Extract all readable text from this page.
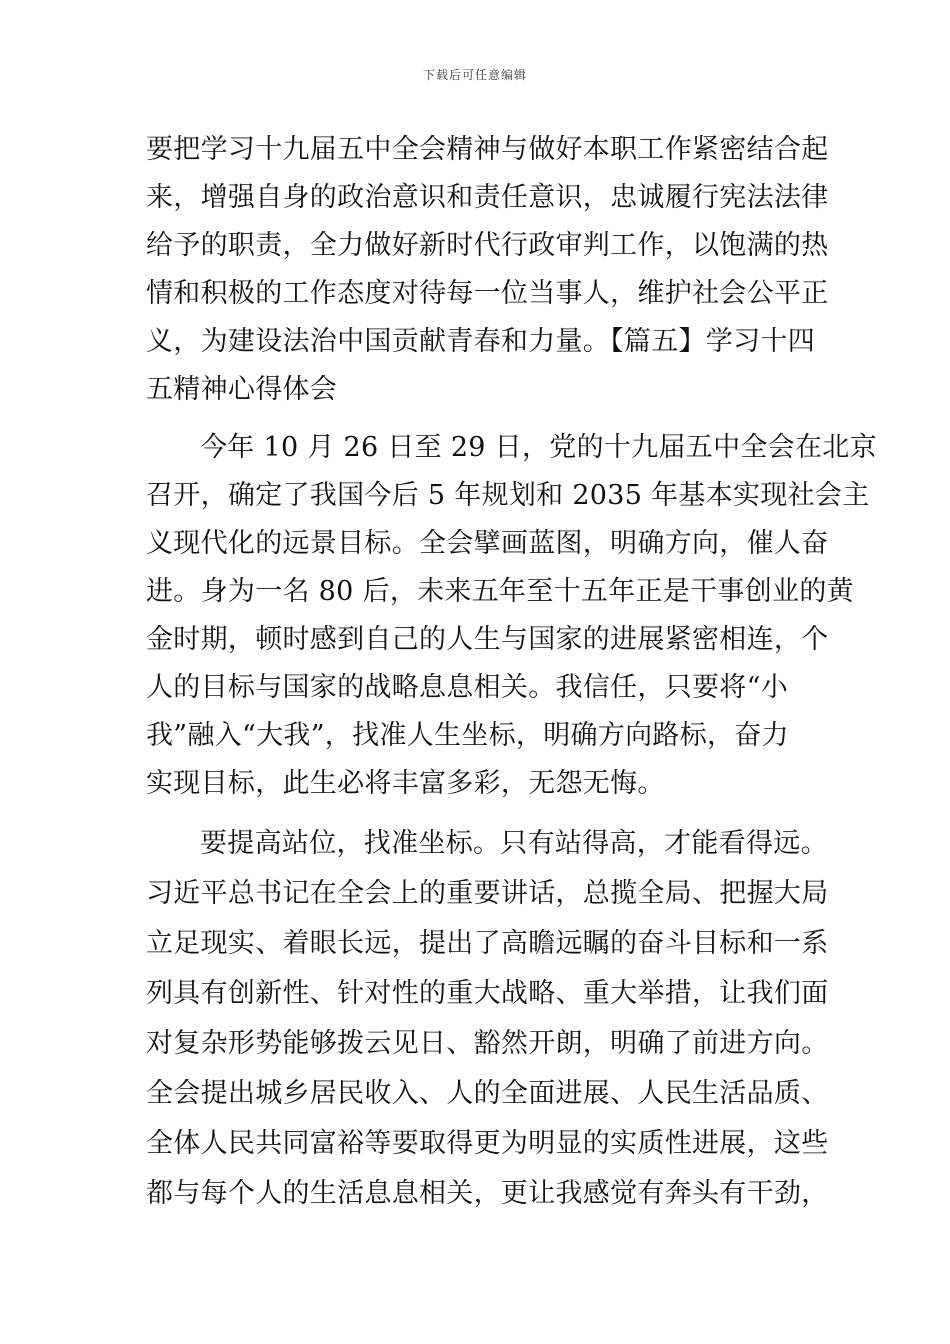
下载后可任意编辑
要把学习十九届五中全会精神与做好本职工作紧密结合起
来，增强自身的政治意识和责任意识，忠诚履行宪法法律
给予的职责，全力做好新时代行政审判工作，以饱满的热
情和积极的工作态度对待每一位当事人，维护社会公平正
义，为建设法治中国贡献青春和力量。【篇五】学习十四
五精神心得体会
今年 10 月 26 日至 29 日，党的十九届五中全会在北京
召开，确定了我国今后 5 年规划和 2035 年基本实现社会主
义现代化的远景目标。全会擘画蓝图，明确方向，催人奋
进。身为一名 80 后，未来五年至十五年正是干事创业的黄
金时期，顿时感到自己的人生与国家的进展紧密相连，个
人的目标与国家的战略息息相关。我信任，只要将“小
我”融入“大我”，找准人生坐标，明确方向路标，奋力
实现目标，此生必将丰富多彩，无怨无悔。
要提高站位，找准坐标。只有站得高，才能看得远。
习近平总书记在全会上的重要讲话，总揽全局、把握大局
立足现实、着眼长远，提出了高瞻远瞩的奋斗目标和一系
列具有创新性、针对性的重大战略、重大举措，让我们面
对复杂形势能够拨云见日、豁然开朗，明确了前进方向。
全会提出城乡居民收入、人的全面进展、人民生活品质、
全体人民共同富裕等要取得更为明显的实质性进展，这些
都与每个人的生活息息相关，更让我感觉有奔头有干劲，
